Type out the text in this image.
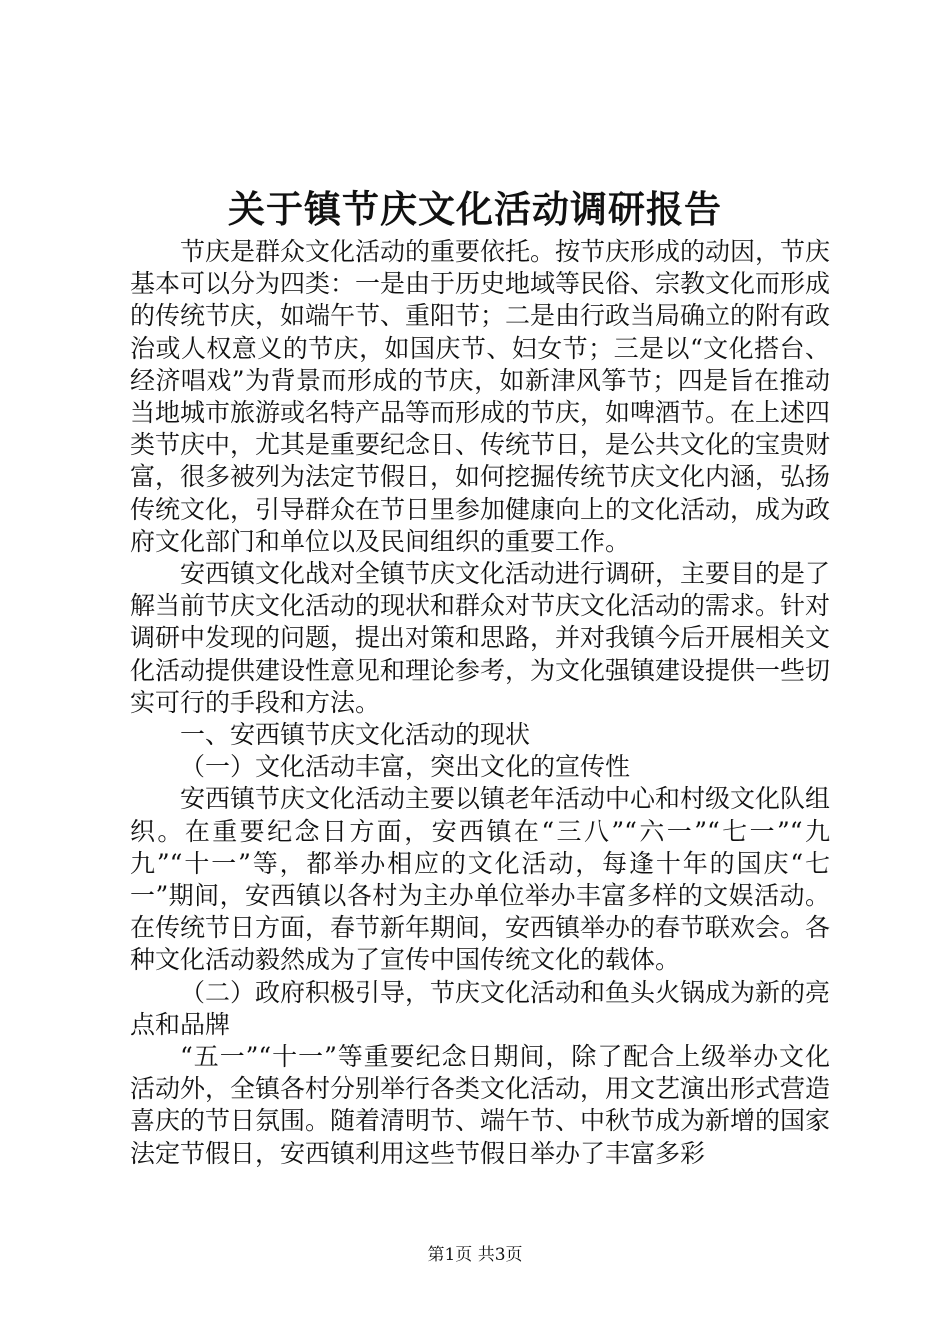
关于镇节庆文化活动调研报告

节庆是群众文化活动的重要依托。按节庆形成的动因，节庆基本可以分为四类：一是由于历史地域等民俗、宗教文化而形成的传统节庆，如端午节、重阳节；二是由行政当局确立的附有政治或人权意义的节庆，如国庆节、妇女节；三是以“文化搭台、经济唱戏”为背景而形成的节庆，如新津风筝节；四是旨在推动当地城市旅游或名特产品等而形成的节庆，如啤酒节。在上述四类节庆中，尤其是重要纪念日、传统节日，是公共文化的宝贵财富，很多被列为法定节假日，如何挖掘传统节庆文化内涵，弘扬传统文化，引导群众在节日里参加健康向上的文化活动，成为政府文化部门和单位以及民间组织的重要工作。

安西镇文化战对全镇节庆文化活动进行调研，主要目的是了解当前节庆文化活动的现状和群众对节庆文化活动的需求。针对调研中发现的问题，提出对策和思路，并对我镇今后开展相关文化活动提供建设性意见和理论参考，为文化强镇建设提供一些切实可行的手段和方法。

一、安西镇节庆文化活动的现状

（一）文化活动丰富，突出文化的宣传性

安西镇节庆文化活动主要以镇老年活动中心和村级文化队组织。在重要纪念日方面，安西镇在“三八”“六一”“七一”“九九”“十一”等，都举办相应的文化活动，每逢十年的国庆“七一”期间，安西镇以各村为主办单位举办丰富多样的文娱活动。在传统节日方面，春节新年期间，安西镇举办的春节联欢会。各种文化活动毅然成为了宣传中国传统文化的载体。

（二）政府积极引导，节庆文化活动和鱼头火锅成为新的亮点和品牌

“五一”“十一”等重要纪念日期间，除了配合上级举办文化活动外，全镇各村分别举行各类文化活动，用文艺演出形式营造喜庆的节日氛围。随着清明节、端午节、中秋节成为新增的国家法定节假日，安西镇利用这些节假日举办了丰富多彩

第1页 共3页
